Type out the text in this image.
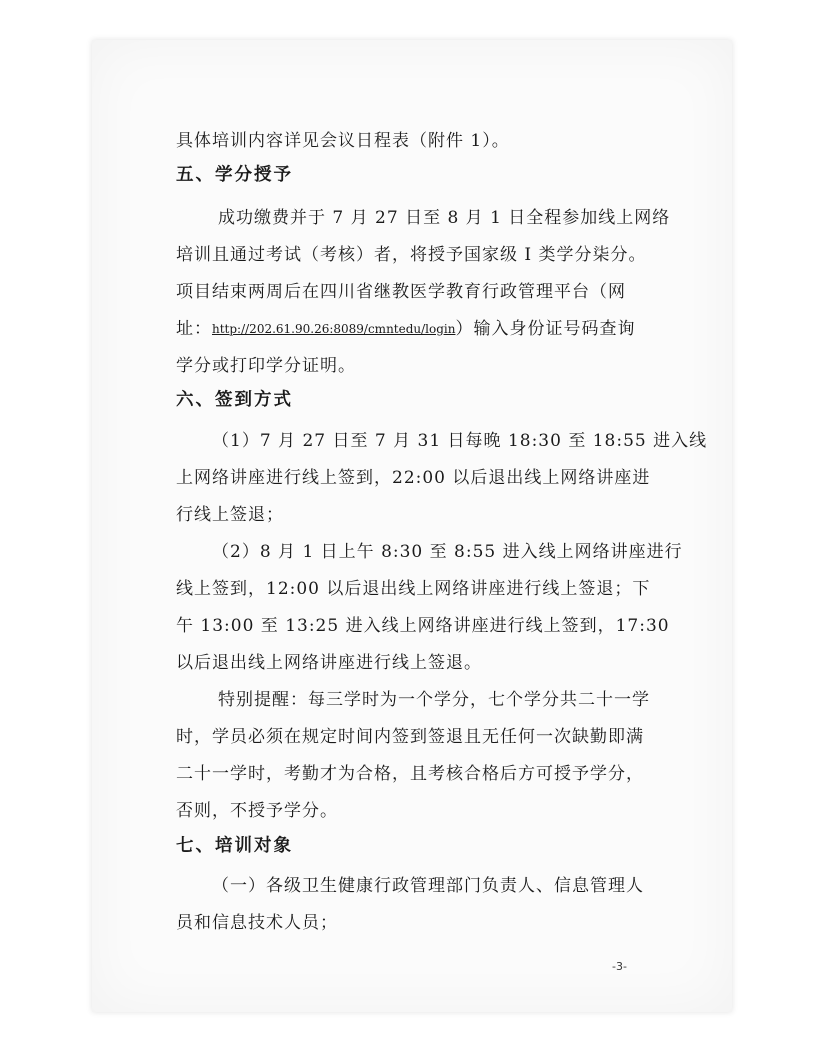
具体培训内容详见会议日程表（附件 1）。
五、学分授予
成功缴费并于 7 月 27 日至 8 月 1 日全程参加线上网络
培训且通过考试（考核）者，将授予国家级 I 类学分柒分。
项目结束两周后在四川省继教医学教育行政管理平台（网
址：http://202.61.90.26:8089/cmntedu/login）输入身份证号码查询
学分或打印学分证明。
六、签到方式
（1）7 月 27 日至 7 月 31 日每晚 18:30 至 18:55 进入线
上网络讲座进行线上签到，22:00 以后退出线上网络讲座进
行线上签退；
（2）8 月 1 日上午 8:30 至 8:55 进入线上网络讲座进行
线上签到，12:00 以后退出线上网络讲座进行线上签退；下
午 13:00 至 13:25 进入线上网络讲座进行线上签到，17:30
以后退出线上网络讲座进行线上签退。
特别提醒：每三学时为一个学分，七个学分共二十一学
时，学员必须在规定时间内签到签退且无任何一次缺勤即满
二十一学时，考勤才为合格，且考核合格后方可授予学分，
否则，不授予学分。
七、培训对象
（一）各级卫生健康行政管理部门负责人、信息管理人
员和信息技术人员；
-3-
